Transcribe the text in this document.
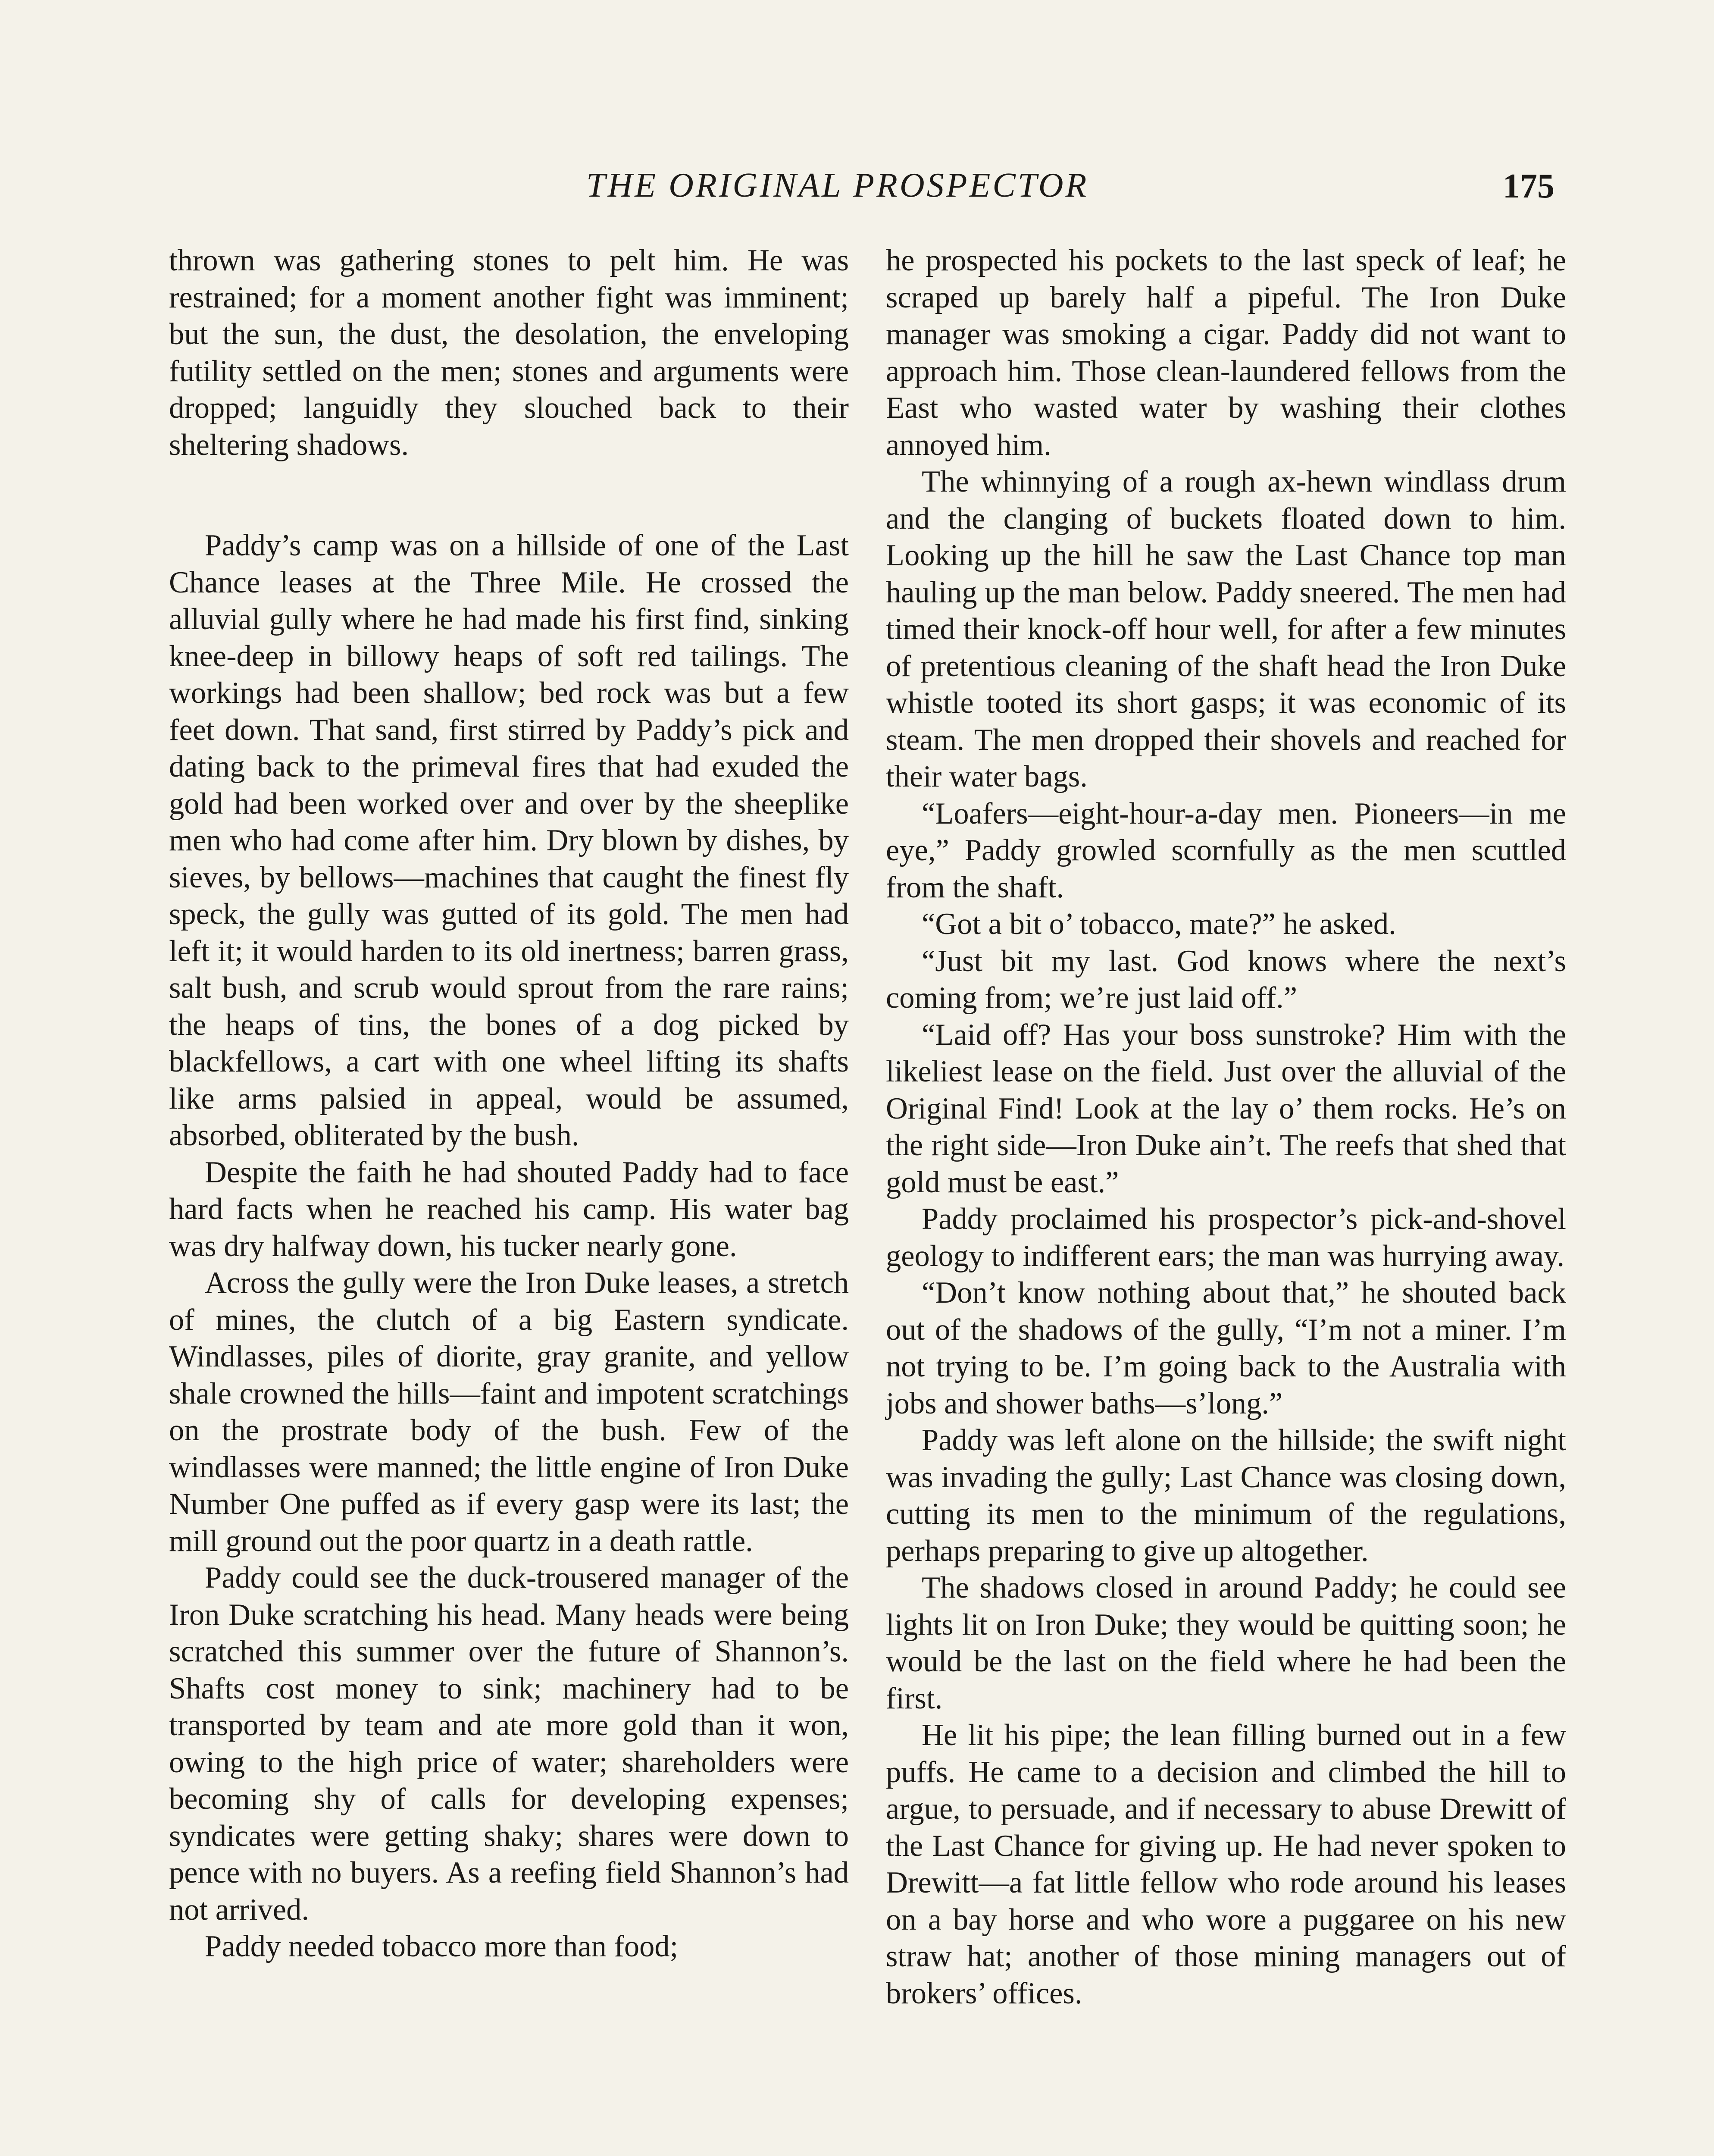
THE ORIGINAL PROSPECTOR	175

thrown was gathering stones to pelt him. He was restrained; for a moment another fight was imminent; but the sun, the dust, the desolation, the enveloping futility settled on the men; stones and arguments were dropped; languidly they slouched back to their sheltering shadows.

Paddy’s camp was on a hillside of one of the Last Chance leases at the Three Mile. He crossed the alluvial gully where he had made his first find, sinking knee-deep in billowy heaps of soft red tailings. The workings had been shallow; bed rock was but a few feet down. That sand, first stirred by Paddy’s pick and dating back to the primeval fires that had exuded the gold had been worked over and over by the sheeplike men who had come after him. Dry blown by dishes, by sieves, by bellows—machines that caught the finest fly speck, the gully was gutted of its gold. The men had left it; it would harden to its old inertness; barren grass, salt bush, and scrub would sprout from the rare rains; the heaps of tins, the bones of a dog picked by blackfellows, a cart with one wheel lifting its shafts like arms palsied in appeal, would be assumed, absorbed, obliterated by the bush.

Despite the faith he had shouted Paddy had to face hard facts when he reached his camp. His water bag was dry halfway down, his tucker nearly gone.

Across the gully were the Iron Duke leases, a stretch of mines, the clutch of a big Eastern syndicate. Windlasses, piles of diorite, gray granite, and yellow shale crowned the hills—faint and impotent scratchings on the prostrate body of the bush. Few of the windlasses were manned; the little engine of Iron Duke Number One puffed as if every gasp were its last; the mill ground out the poor quartz in a death rattle.

Paddy could see the duck-trousered manager of the Iron Duke scratching his head. Many heads were being scratched this summer over the future of Shannon’s. Shafts cost money to sink; machinery had to be transported by team and ate more gold than it won, owing to the high price of water; shareholders were becoming shy of calls for developing expenses; syndicates were getting shaky; shares were down to pence with no buyers. As a reefing field Shannon’s had not arrived.

Paddy needed tobacco more than food;

he prospected his pockets to the last speck of leaf; he scraped up barely half a pipeful. The Iron Duke manager was smoking a cigar. Paddy did not want to approach him. Those clean-laundered fellows from the East who wasted water by washing their clothes annoyed him.

The whinnying of a rough ax-hewn windlass drum and the clanging of buckets floated down to him. Looking up the hill he saw the Last Chance top man hauling up the man below. Paddy sneered. The men had timed their knock-off hour well, for after a few minutes of pretentious cleaning of the shaft head the Iron Duke whistle tooted its short gasps; it was economic of its steam. The men dropped their shovels and reached for their water bags.

“Loafers—eight-hour-a-day men. Pioneers—in me eye,” Paddy growled scornfully as the men scuttled from the shaft.

“Got a bit o’ tobacco, mate?” he asked.

“Just bit my last. God knows where the next’s coming from; we’re just laid off.”

“Laid off? Has your boss sunstroke? Him with the likeliest lease on the field. Just over the alluvial of the Original Find! Look at the lay o’ them rocks. He’s on the right side—Iron Duke ain’t. The reefs that shed that gold must be east.”

Paddy proclaimed his prospector’s pick-and-shovel geology to indifferent ears; the man was hurrying away.

“Don’t know nothing about that,” he shouted back out of the shadows of the gully, “I’m not a miner. I’m not trying to be. I’m going back to the Australia with jobs and shower baths—s’long.”

Paddy was left alone on the hillside; the swift night was invading the gully; Last Chance was closing down, cutting its men to the minimum of the regulations, perhaps preparing to give up altogether.

The shadows closed in around Paddy; he could see lights lit on Iron Duke; they would be quitting soon; he would be the last on the field where he had been the first.

He lit his pipe; the lean filling burned out in a few puffs. He came to a decision and climbed the hill to argue, to persuade, and if necessary to abuse Drewitt of the Last Chance for giving up. He had never spoken to Drewitt—a fat little fellow who rode around his leases on a bay horse and who wore a puggaree on his new straw hat; another of those mining managers out of brokers’ offices.
